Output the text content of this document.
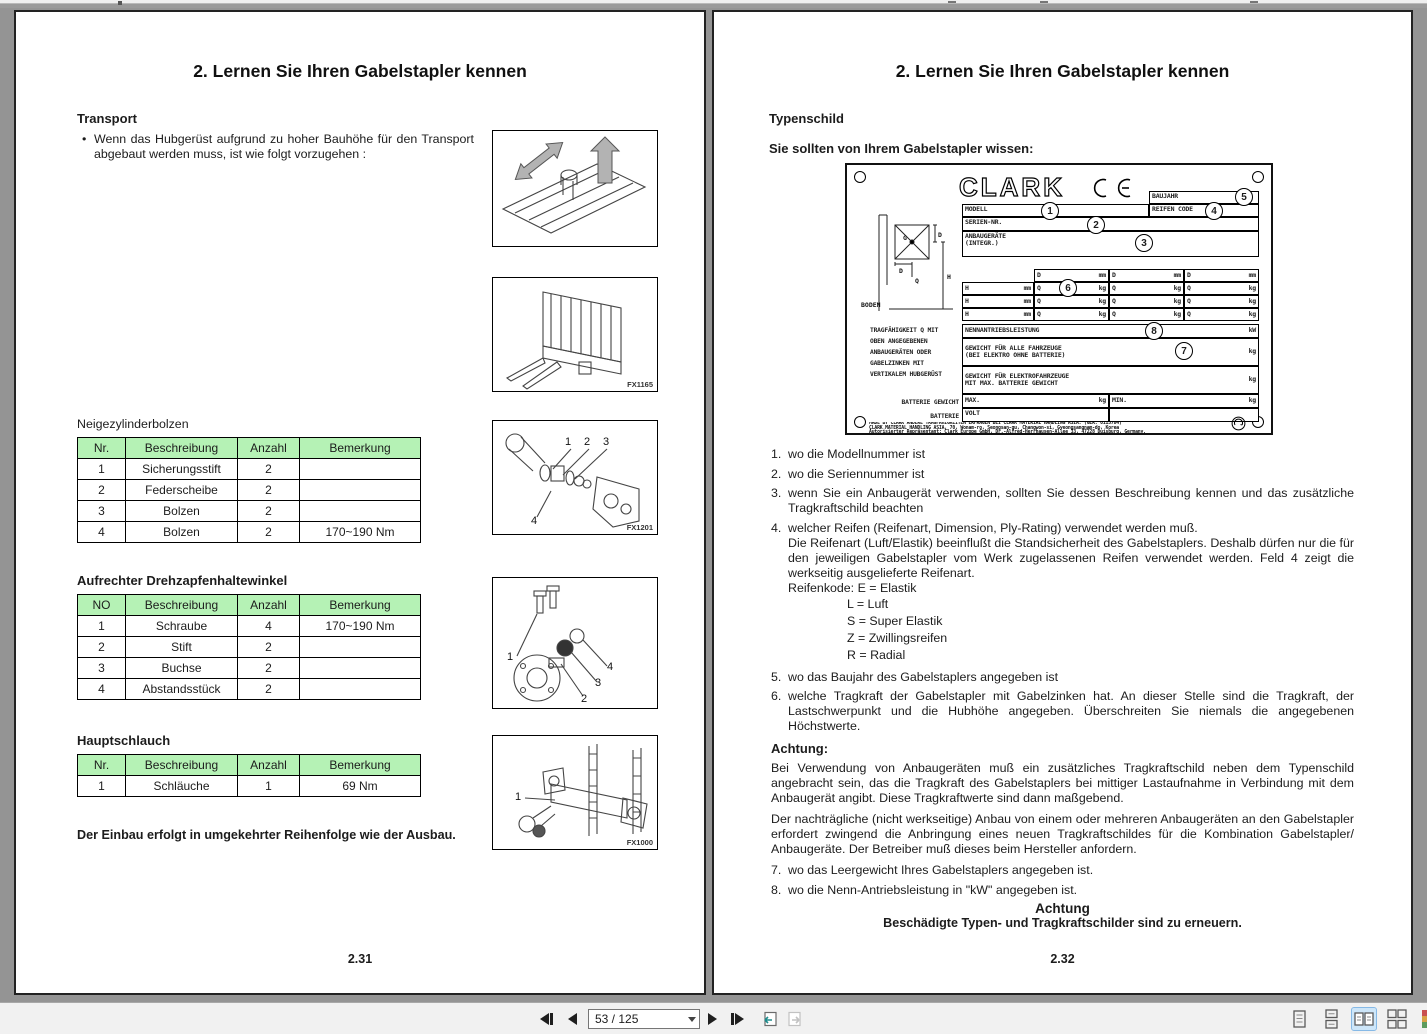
2. Lernen Sie Ihren Gabelstapler kennen
Transport
• Wenn das Hubgerüst aufgrund zu hoher Bauhöhe für den Transport abgebaut werden muss, ist wie folgt vorzugehen :
Neigezylinderbolzen
Nr.	Beschreibung	Anzahl	Bemerkung
1	Sicherungsstift	2	
2	Federscheibe	2	
3	Bolzen	2	
4	Bolzen	2	170~190 Nm
Aufrechter Drehzapfenhaltewinkel
NO	Beschreibung	Anzahl	Bemerkung
1	Schraube	4	170~190 Nm
2	Stift	2	
3	Buchse	2	
4	Abstandsstück	2	
Hauptschlauch
Nr.	Beschreibung	Anzahl	Bemerkung
1	Schläuche	1	69 Nm
Der Einbau erfolgt in umgekehrter Reihenfolge wie der Ausbau.
2.31
FX1165
1 2 3
4
FX1201
1
2
3
4
1
FX1000
2. Lernen Sie Ihren Gabelstapler kennen
Typenschild
Sie sollten von Ihrem Gabelstapler wissen:
CLARK	BAUJAHR
MODELL	REIFEN CODE
SERIEN-NR.
ANBAUGERÄTE
(INTEGR.)
D	mm D	mm D	mm
H	mm Q	kg Q	kg Q	kg
H	mm Q	kg Q	kg Q	kg
H	mm Q	kg Q	kg Q	kg
NENNANTRIEBSLEISTUNG	kW
GEWICHT FÜR ALLE FAHRZEUGE
(BEI ELEKTRO OHNE BATTERIE)	kg
GEWICHT FÜR ELEKTROFAHRZEUGE
MIT MAX. BATTERIE GEWICHT	kg
MAX.	kg MIN.	kg
VOLT
TRAGFÄHIGKEIT Q MIT
OBEN ANGEGEBENEN
ANBAUGERÄTEN ODER
GABELZINKEN MIT
VERTIKALEM HUBGERÜST
BATTERIE GEWICHT
BATTERIE
G	D
D
Q	H
BODEN
MADE BY CLARK ANDERE TRAGFÄHIGKEITEN ERFRAGEN BEI CLARK MATERIAL HANDLING ASIA. (GER. 0115784)
CLARK MATERIAL HANDLING ASIA, 70, Wonam-ro, Seongsan-gu, Changwon-si, Gyeongsangnam-do, Korea
Autorisierter Repräsentant: Clark Europe GmbH, Dr.-Alfred-Herrhausen-Allee 33, 47228 Duisburg, Germany.
1
2
3
4
5
6
7
8
1. wo die Modellnummer ist
2. wo die Seriennummer ist
3. wenn Sie ein Anbaugerät verwenden, sollten Sie dessen Beschreibung kennen und das zusätzliche Tragkraftschild beachten
4. welcher Reifen (Reifenart, Dimension, Ply-Rating) verwendet werden muß.
Die Reifenart (Luft/Elastik) beeinflußt die Standsicherheit des Gabelstaplers. Deshalb dürfen nur die für den jeweiligen Gabelstapler vom Werk zugelassenen Reifen verwendet werden. Feld 4 zeigt die werkseitig ausgelieferte Reifenart.
Reifenkode: E = Elastik
L = Luft
S = Super Elastik
Z = Zwillingsreifen
R = Radial
5. wo das Baujahr des Gabelstaplers angegeben ist
6. welche Tragkraft der Gabelstapler mit Gabelzinken hat. An dieser Stelle sind die Tragkraft, der Lastschwerpunkt und die Hubhöhe angegeben. Überschreiten Sie niemals die angegebenen Höchstwerte.
Achtung:
Bei Verwendung von Anbaugeräten muß ein zusätzliches Tragkraftschild neben dem Typenschild angebracht sein, das die Tragkraft des Gabelstaplers bei mittiger Lastaufnahme in Verbindung mit dem Anbaugerät angibt. Diese Tragkraftwerte sind dann maßgebend.
Der nachträgliche (nicht werkseitige) Anbau von einem oder mehreren Anbaugeräten an den Gabelstapler erfordert zwingend die Anbringung eines neuen Tragkraftschildes für die Kombination Gabelstapler/ Anbaugeräte. Der Betreiber muß dieses beim Hersteller anfordern.
7. wo das Leergewicht Ihres Gabelstaplers angegeben ist.
8. wo die Nenn-Antriebsleistung in "kW" angegeben ist.
Achtung
Beschädigte Typen- und Tragkraftschilder sind zu erneuern.
2.32
53 / 125
